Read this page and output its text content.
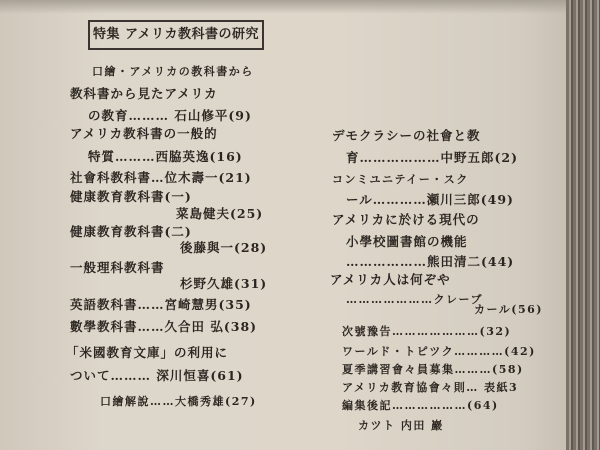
特集 アメリカ教科書の研究
口繪・アメリカの教科書から
教科書から見たアメリカ
の教育……… 石山修平(9)
アメリカ教科書の一般的
特質………西脇英逸(16)
社會科教科書…位木壽一(21)
健康教育教科書(一)
菜島健夫(25)
健康教育教科書(二)
後藤與一(28)
一般理科教科書
杉野久雄(31)
英語教科書……宮崎慧男(35)
數學教科書……久合田 弘(38)
「米國教育文庫」の利用に
ついて……… 深川恒喜(61)
口繪解說……大橋秀雄(27)
デモクラシーの社會と教
育………………中野五郎(2)
コンミユニテイー・スク
ール…………瀬川三郎(49)
アメリカに於ける現代の
小學校圖書館の機能
………………熊田清二(44)
アメリカ人は何ぞや
…………………クレーブ
カール(56)
次號豫告…………………(32)
ワールド・トピツク…………(42)
夏季講習會々員募集………(58)
アメリカ教育協會々則… 表紙3
編集後記………………(64)
カツト 内田 巖
